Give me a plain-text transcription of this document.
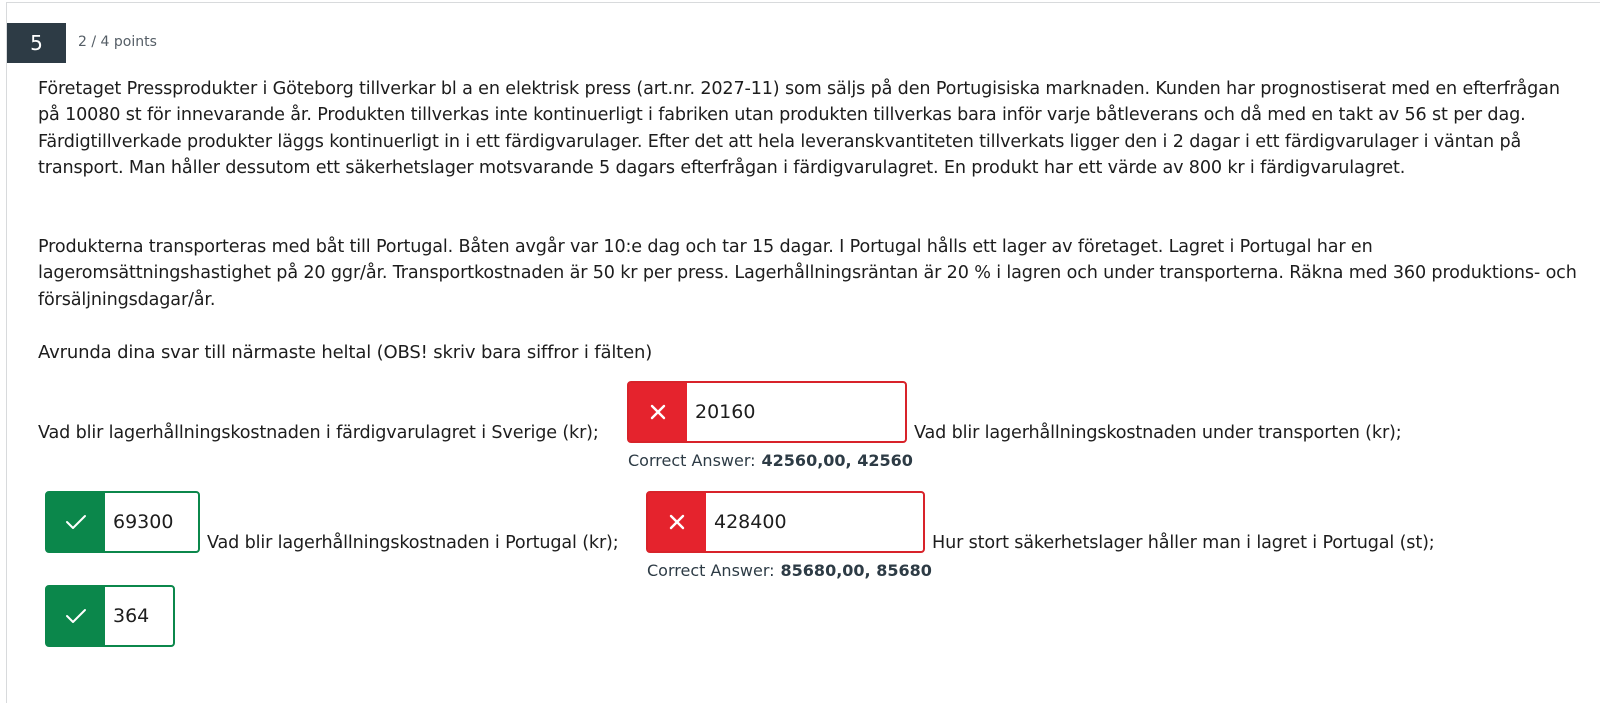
5	2 / 4 points
Företaget Pressprodukter i Göteborg tillverkar bl a en elektrisk press (art.nr. 2027-11) som säljs på den Portugisiska marknaden. Kunden har prognostiserat med en efterfrågan på 10080 st för innevarande år. Produkten tillverkas inte kontinuerligt i fabriken utan produkten tillverkas bara inför varje båtleverans och då med en takt av 56 st per dag. Färdigtillverkade produkter läggs kontinuerligt in i ett färdigvarulager. Efter det att hela leveranskvantiteten tillverkats ligger den i 2 dagar i ett färdigvarulager i väntan på transport. Man håller dessutom ett säkerhetslager motsvarande 5 dagars efterfrågan i färdigvarulagret. En produkt har ett värde av 800 kr i färdigvarulagret.
Produkterna transporteras med båt till Portugal. Båten avgår var 10:e dag och tar 15 dagar. I Portugal hålls ett lager av företaget. Lagret i Portugal har en lageromsättningshastighet på 20 ggr/år. Transportkostnaden är 50 kr per press. Lagerhållningsräntan är 20 % i lagren och under transporterna. Räkna med 360 produktions- och försäljningsdagar/år.
Avrunda dina svar till närmaste heltal (OBS! skriv bara siffror i fälten)
Vad blir lagerhållningskostnaden i färdigvarulagret i Sverige (kr);
20160
Correct Answer: 42560,00, 42560
Vad blir lagerhållningskostnaden under transporten (kr);
69300
Vad blir lagerhållningskostnaden i Portugal (kr);
428400
Correct Answer: 85680,00, 85680
Hur stort säkerhetslager håller man i lagret i Portugal (st);
364
